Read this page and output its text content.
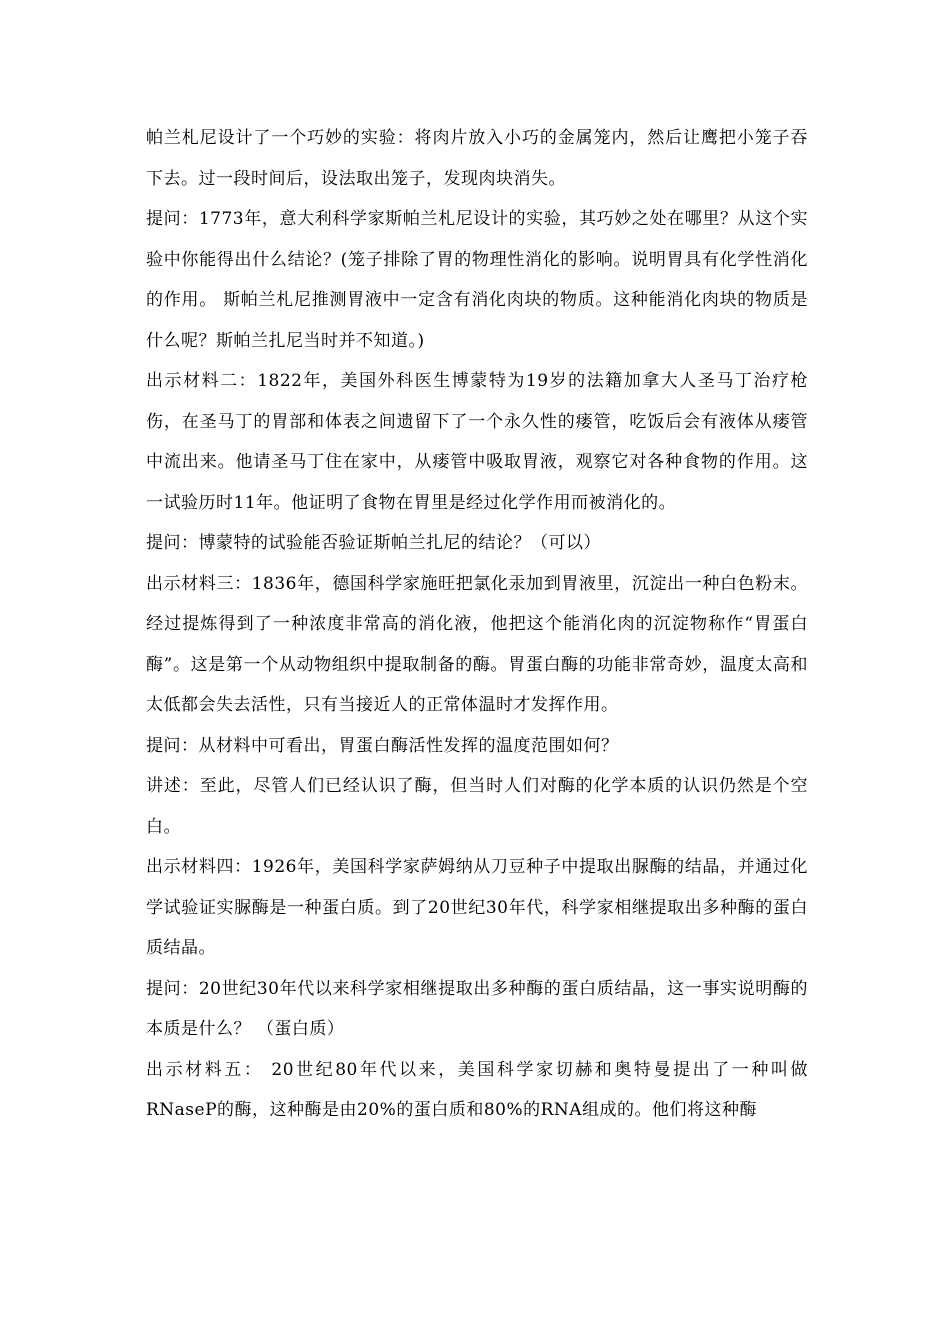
帕兰札尼设计了一个巧妙的实验：将肉片放入小巧的金属笼内，然后让鹰把小笼子吞下去。过一段时间后，设法取出笼子，发现肉块消失。

提问：1773年，意大利科学家斯帕兰札尼设计的实验，其巧妙之处在哪里？从这个实验中你能得出什么结论？(笼子排除了胃的物理性消化的影响。说明胃具有化学性消化的作用。 斯帕兰札尼推测胃液中一定含有消化肉块的物质。这种能消化肉块的物质是什么呢？斯帕兰扎尼当时并不知道。)

出示材料二：1822年，美国外科医生博蒙特为19岁的法籍加拿大人圣马丁治疗枪伤，在圣马丁的胃部和体表之间遗留下了一个永久性的瘘管，吃饭后会有液体从瘘管中流出来。他请圣马丁住在家中，从瘘管中吸取胃液，观察它对各种食物的作用。这一试验历时11年。他证明了食物在胃里是经过化学作用而被消化的。

提问：博蒙特的试验能否验证斯帕兰扎尼的结论？（可以）

出示材料三：1836年，德国科学家施旺把氯化汞加到胃液里，沉淀出一种白色粉末。经过提炼得到了一种浓度非常高的消化液，他把这个能消化肉的沉淀物称作“胃蛋白酶”。这是第一个从动物组织中提取制备的酶。胃蛋白酶的功能非常奇妙，温度太高和太低都会失去活性，只有当接近人的正常体温时才发挥作用。

提问：从材料中可看出，胃蛋白酶活性发挥的温度范围如何？

讲述：至此，尽管人们已经认识了酶，但当时人们对酶的化学本质的认识仍然是个空白。

出示材料四：1926年，美国科学家萨姆纳从刀豆种子中提取出脲酶的结晶，并通过化学试验证实脲酶是一种蛋白质。到了20世纪30年代，科学家相继提取出多种酶的蛋白质结晶。

提问：20世纪30年代以来科学家相继提取出多种酶的蛋白质结晶，这一事实说明酶的本质是什么？ （蛋白质）

出示材料五： 20世纪80年代以来，美国科学家切赫和奥特曼提出了一种叫做RNaseP的酶，这种酶是由20%的蛋白质和80%的RNA组成的。他们将这种酶
